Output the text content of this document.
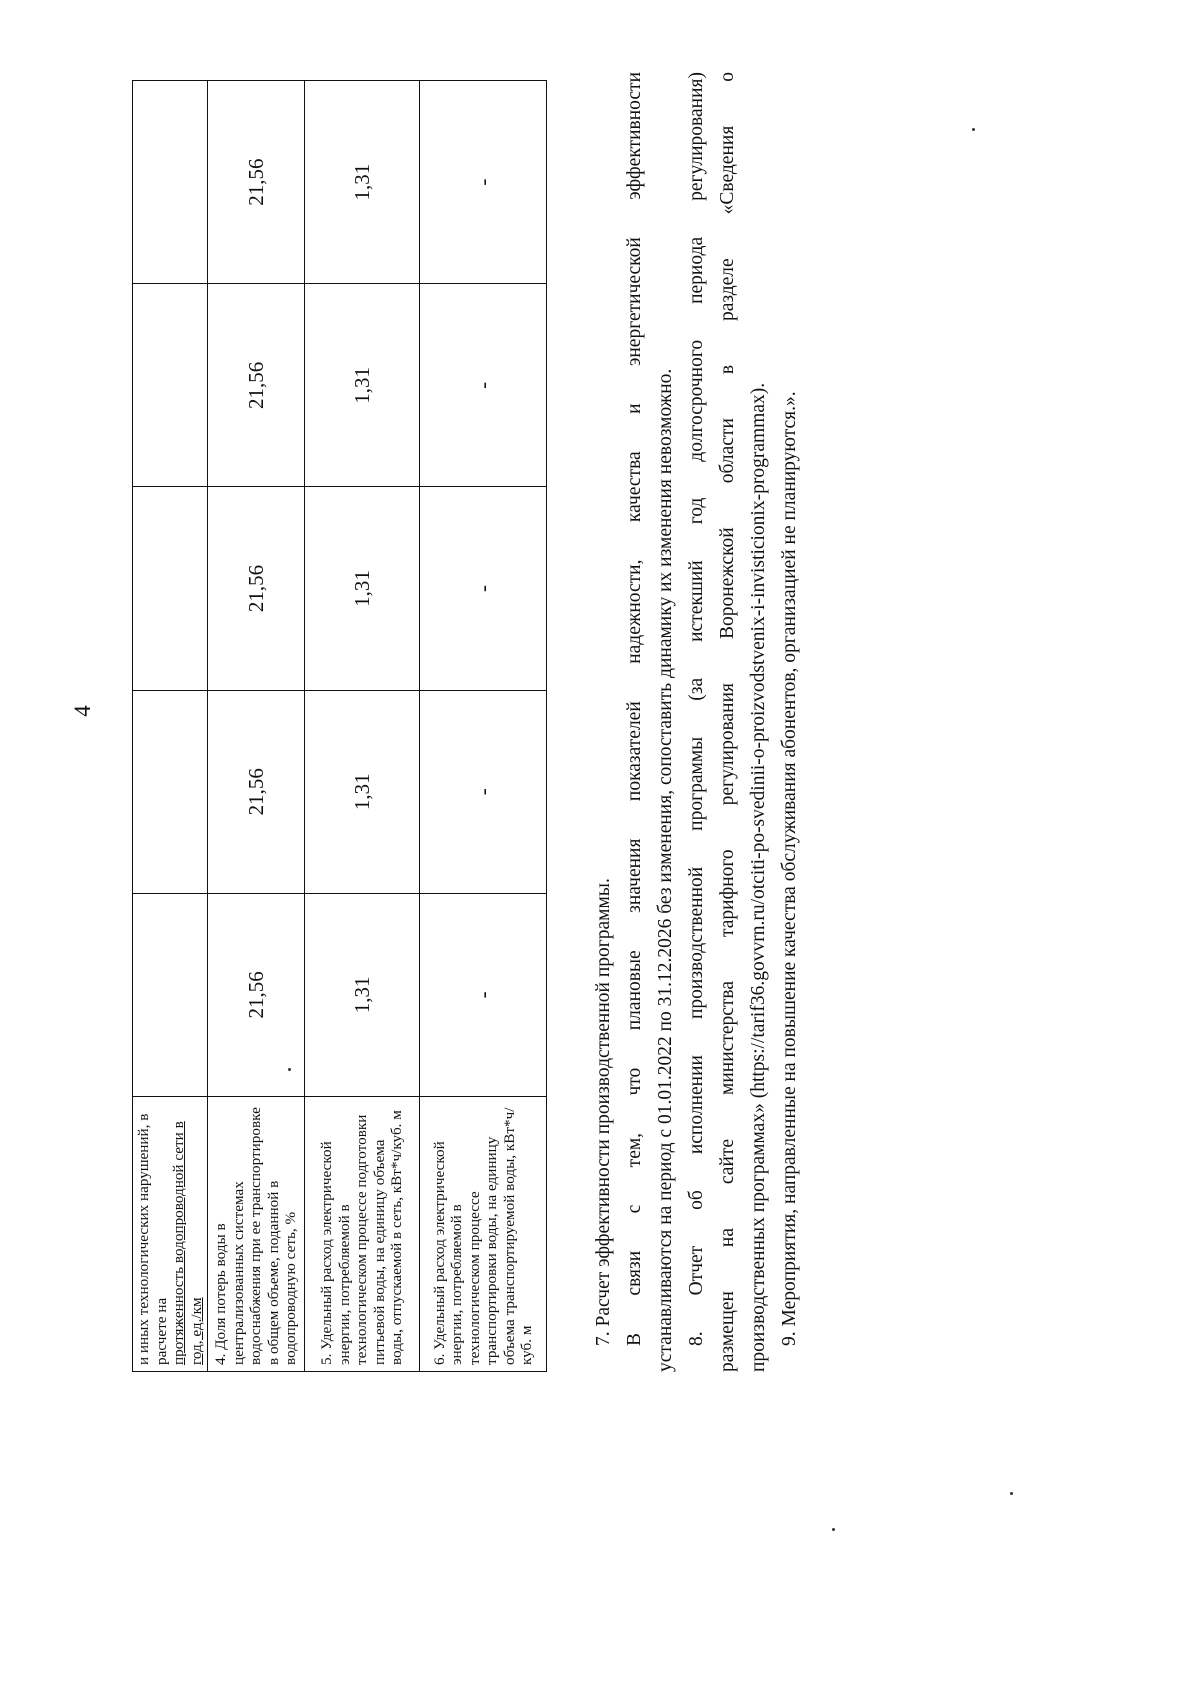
4
и иных технологических нарушений, в расчете на
протяженность водопроводной сети в год, ед./км					
4. Доля потерь воды в централизованных системах водоснабжения при ее транспортировке в общем объеме, поданной в водопроводную сеть, %	21,56	21,56	21,56	21,56	21,56
5. Удельный расход электрической энергии, потребляемой в технологическом процессе подготовки питьевой воды, на единицу объема воды, отпускаемой в сеть, кВт*ч/куб. м	1,31	1,31	1,31	1,31	1,31
6. Удельный расход электрической энергии, потребляемой в технологическом процессе транспортировки воды, на единицу объема транспортируемой воды, кВт*ч/куб. м	-	-	-	-	-

7. Расчет эффективности производственной программы. В связи с тем, что плановые значения показателей надежности, качества и энергетической эффективности устанавливаются на период с 01.01.2022 по 31.12.2026 без изменения, сопоставить динамику их изменения невозможно. 8. Отчет об исполнении производственной программы (за истекший год долгосрочного периода регулирования) размещен на сайте министерства тарифного регулирования Воронежской области в разделе «Сведения о производственных программах» (https://tarif36.govvrn.ru/otciti-po-svedinii-o-proizvodstvenix-i-invisticionix-programmax). 9. Мероприятия, направленные на повышение качества обслуживания абонентов, организацией не планируются.».
